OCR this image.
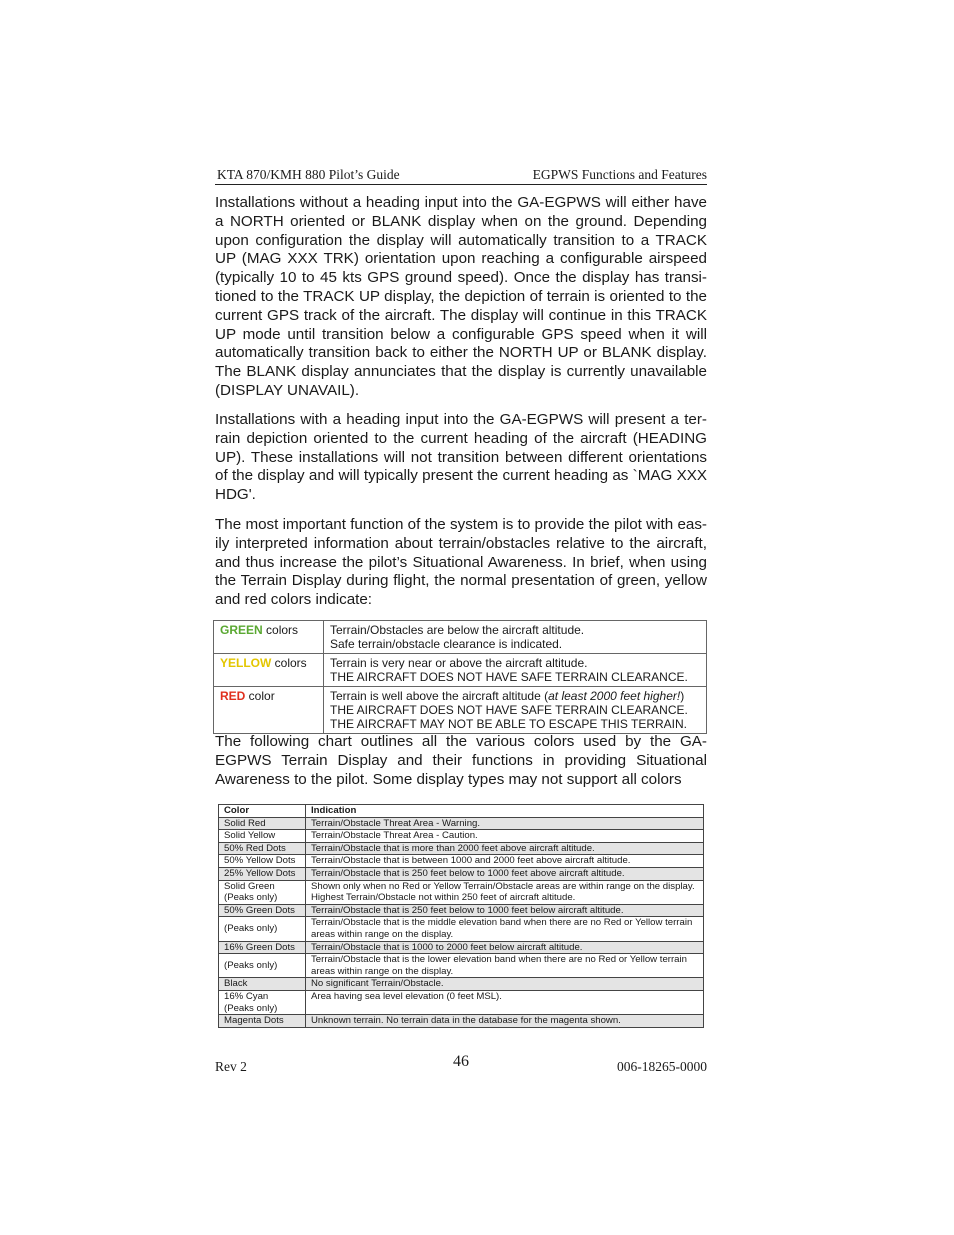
KTA 870/KMH 880 Pilot’s Guide	EGPWS Functions and Features

Installations without a heading input into the GA-EGPWS will either have a NORTH oriented or BLANK display when on the ground. Depending upon configuration the display will automatically transition to a TRACK UP (MAG XXX TRK) orientation upon reaching a configurable airspeed (typically 10 to 45 kts GPS ground speed). Once the display has transi-tioned to the TRACK UP display, the depiction of terrain is oriented to the current GPS track of the aircraft. The display will continue in this TRACK UP mode until transition below a configurable GPS speed when it will automatically transition back to either the NORTH UP or BLANK display. The BLANK display annunciates that the display is currently unavailable (DISPLAY UNAVAIL).

Installations with a heading input into the GA-EGPWS will present a ter-rain depiction oriented to the current heading of the aircraft (HEADING UP). These installations will not transition between different orientations of the display and will typically present the current heading as `MAG XXX HDG'.

The most important function of the system is to provide the pilot with eas-ily interpreted information about terrain/obstacles relative to the aircraft, and thus increase the pilot’s Situational Awareness. In brief, when using the Terrain Display during flight, the normal presentation of green, yellow and red colors indicate:

GREEN colors	Terrain/Obstacles are below the aircraft altitude.
Safe terrain/obstacle clearance is indicated.

YELLOW colors	Terrain is very near or above the aircraft altitude.
THE AIRCRAFT DOES NOT HAVE SAFE TERRAIN CLEARANCE.

RED color	Terrain is well above the aircraft altitude (at least 2000 feet higher!)
THE AIRCRAFT DOES NOT HAVE SAFE TERRAIN CLEARANCE.
THE AIRCRAFT MAY NOT BE ABLE TO ESCAPE THIS TERRAIN.

The following chart outlines all the various colors used by the GA-EGPWS Terrain Display and their functions in providing Situational Awareness to the pilot. Some display types may not support all colors

Color	Indication
Solid Red	Terrain/Obstacle Threat Area - Warning.
Solid Yellow	Terrain/Obstacle Threat Area - Caution.
50% Red Dots	Terrain/Obstacle that is more than 2000 feet above aircraft altitude.
50% Yellow Dots	Terrain/Obstacle that is between 1000 and 2000 feet above aircraft altitude.
25% Yellow Dots	Terrain/Obstacle that is 250 feet below to 1000 feet above aircraft altitude.

Solid Green
(Peaks only)	Shown only when no Red or Yellow Terrain/Obstacle areas are within range on the display. Highest Terrain/Obstacle not within 250 feet of aircraft altitude.
50% Green Dots	Terrain/Obstacle that is 250 feet below to 1000 feet below aircraft altitude.
(Peaks only)	Terrain/Obstacle that is the middle elevation band when there are no Red or Yellow terrain areas within range on the display.
16% Green Dots	Terrain/Obstacle that is 1000 to 2000 feet below aircraft altitude.
(Peaks only)	Terrain/Obstacle that is the lower elevation band when there are no Red or Yellow terrain areas within range on the display.
Black	No significant Terrain/Obstacle.

16% Cyan
(Peaks only)	Area having sea level elevation (0 feet MSL).
Magenta Dots	Unknown terrain. No terrain data in the database for the magenta shown.
Rev 2	46	006-18265-0000
